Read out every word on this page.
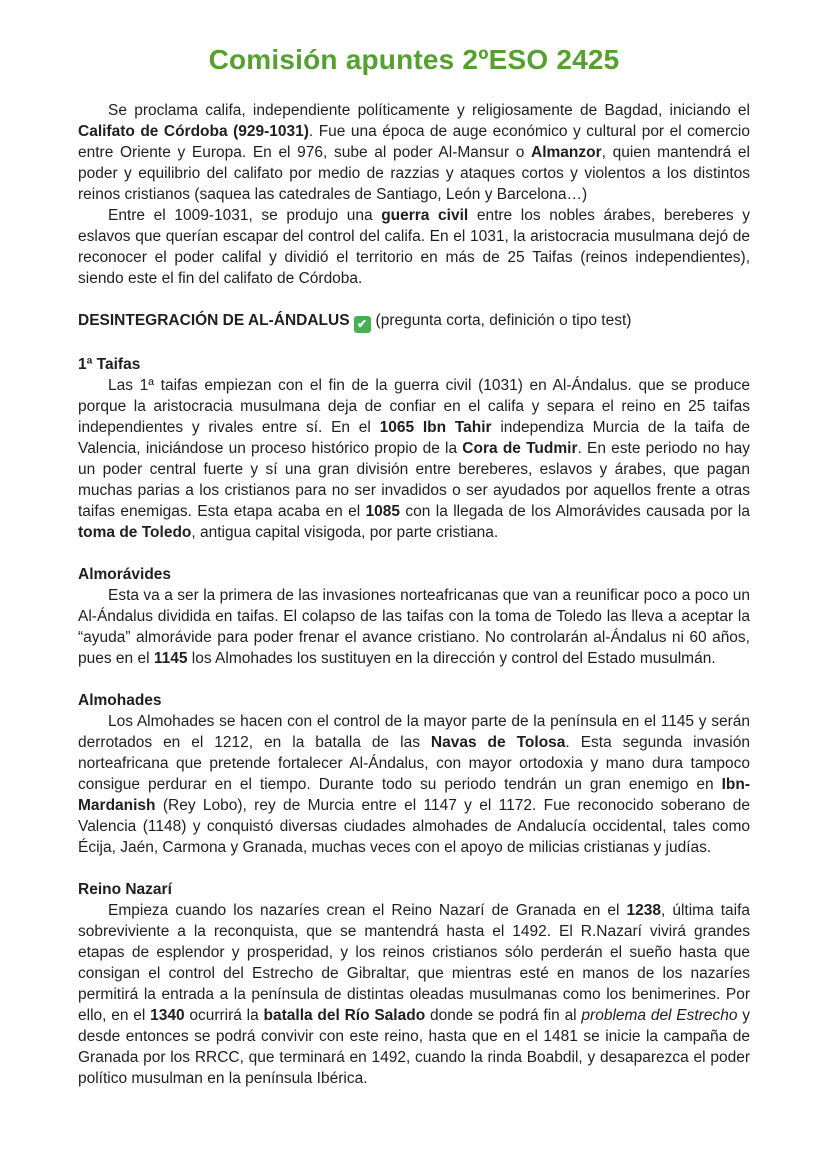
Comisión apuntes 2ºESO 2425

Se proclama califa, independiente políticamente y religiosamente de Bagdad, iniciando el Califato de Córdoba (929-1031). Fue una época de auge económico y cultural por el comercio entre Oriente y Europa. En el 976, sube al poder Al-Mansur o Almanzor, quien mantendrá el poder y equilibrio del califato por medio de razzias y ataques cortos y violentos a los distintos reinos cristianos (saquea las catedrales de Santiago, León y Barcelona…)

Entre el 1009-1031, se produjo una guerra civil entre los nobles árabes, bereberes y eslavos que querían escapar del control del califa. En el 1031, la aristocracia musulmana dejó de reconocer el poder califal y dividió el territorio en más de 25 Taifas (reinos independientes), siendo este el fin del califato de Córdoba.

DESINTEGRACIÓN DE AL-ÁNDALUS ✔ (pregunta corta, definición o tipo test)

1ª Taifas

Las 1ª taifas empiezan con el fin de la guerra civil (1031) en Al-Ándalus. que se produce porque la aristocracia musulmana deja de confiar en el califa y separa el reino en 25 taifas independientes y rivales entre sí. En el 1065 Ibn Tahir independiza Murcia de la taifa de Valencia, iniciándose un proceso histórico propio de la Cora de Tudmir. En este periodo no hay un poder central fuerte y sí una gran división entre bereberes, eslavos y árabes, que pagan muchas parias a los cristianos para no ser invadidos o ser ayudados por aquellos frente a otras taifas enemigas. Esta etapa acaba en el 1085 con la llegada de los Almorávides causada por la toma de Toledo, antigua capital visigoda, por parte cristiana.

Almorávides

Esta va a ser la primera de las invasiones norteafricanas que van a reunificar poco a poco un Al-Ándalus dividida en taifas. El colapso de las taifas con la toma de Toledo las lleva a aceptar la “ayuda” almorávide para poder frenar el avance cristiano. No controlarán al-Ándalus ni 60 años, pues en el 1145 los Almohades los sustituyen en la dirección y control del Estado musulmán.

Almohades

Los Almohades se hacen con el control de la mayor parte de la península en el 1145 y serán derrotados en el 1212, en la batalla de las Navas de Tolosa. Esta segunda invasión norteafricana que pretende fortalecer Al-Ándalus, con mayor ortodoxia y mano dura tampoco consigue perdurar en el tiempo. Durante todo su periodo tendrán un gran enemigo en Ibn-Mardanish (Rey Lobo), rey de Murcia entre el 1147 y el 1172. Fue reconocido soberano de Valencia (1148) y conquistó diversas ciudades almohades de Andalucía occidental, tales como Écija, Jaén, Carmona y Granada, muchas veces con el apoyo de milicias cristianas y judías.

Reino Nazarí

Empieza cuando los nazaríes crean el Reino Nazarí de Granada en el 1238, última taifa sobreviviente a la reconquista, que se mantendrá hasta el 1492. El R.Nazarí vivirá grandes etapas de esplendor y prosperidad, y los reinos cristianos sólo perderán el sueño hasta que consigan el control del Estrecho de Gibraltar, que mientras esté en manos de los nazaríes permitirá la entrada a la península de distintas oleadas musulmanas como los benimerines. Por ello, en el 1340 ocurrirá la batalla del Río Salado donde se podrá fin al problema del Estrecho y desde entonces se podrá convivir con este reino, hasta que en el 1481 se inicie la campaña de Granada por los RRCC, que terminará en 1492, cuando la rinda Boabdil, y desaparezca el poder político musulman en la península Ibérica.
